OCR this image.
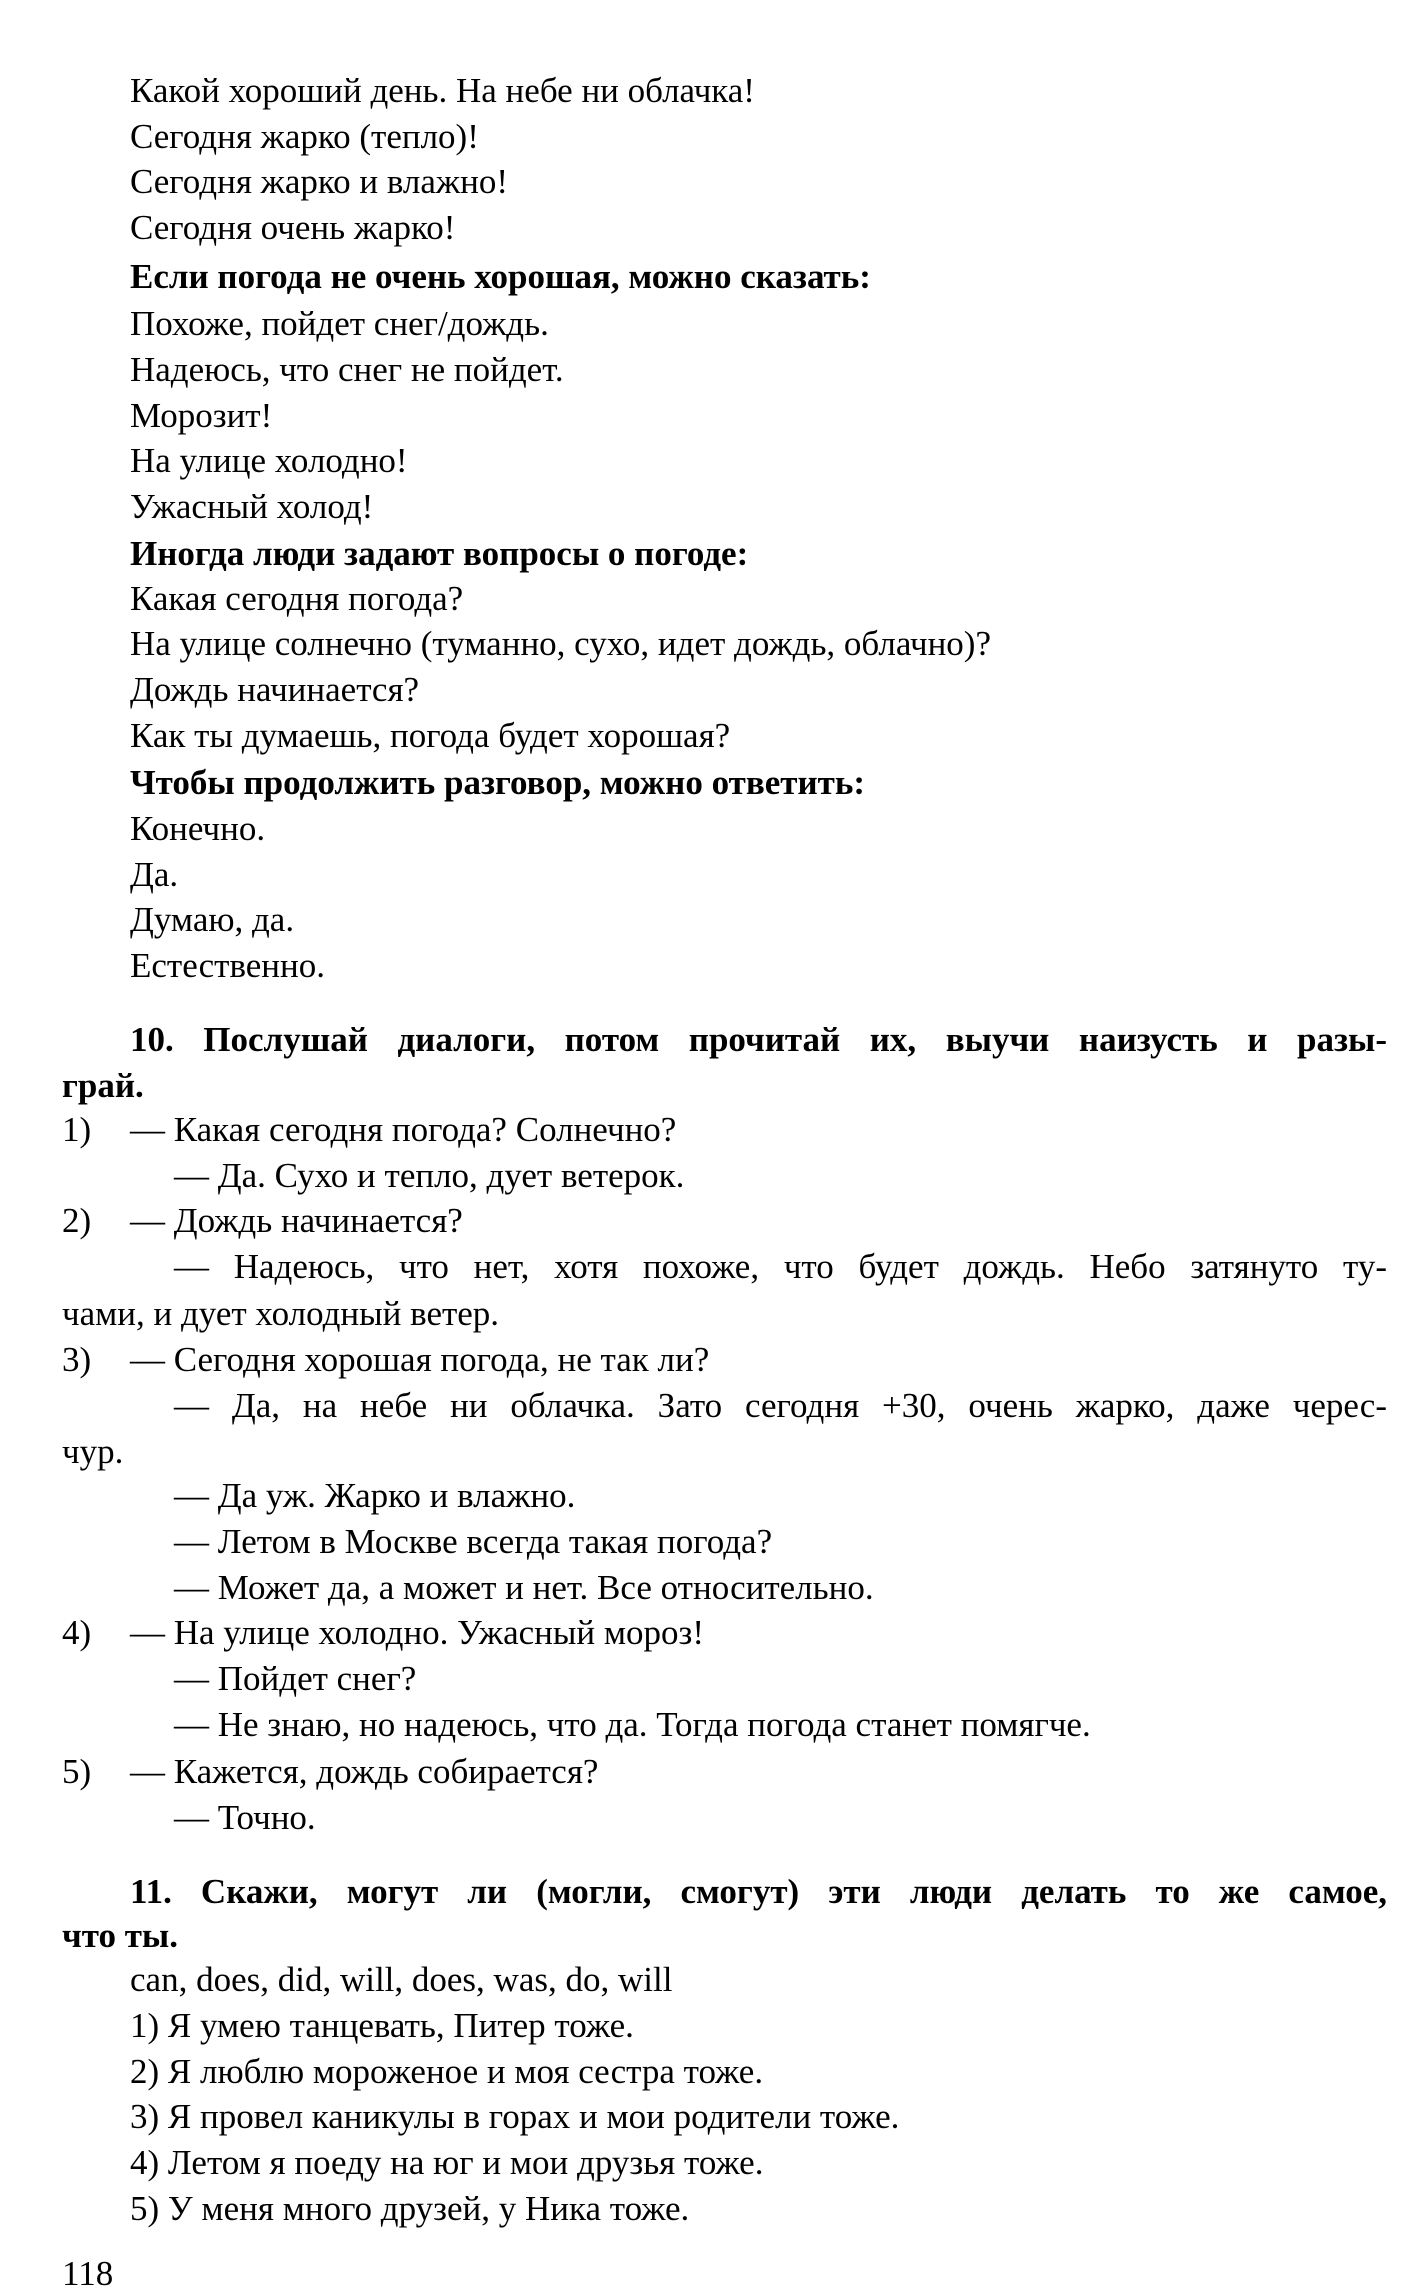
Какой хороший день. На небе ни облачка!
Сегодня жарко (тепло)!
Сегодня жарко и влажно!
Сегодня очень жарко!
Если погода не очень хорошая, можно сказать:
Похоже, пойдет снег/дождь.
Надеюсь, что снег не пойдет.
Морозит!
На улице холодно!
Ужасный холод!
Иногда люди задают вопросы о погоде:
Какая сегодня погода?
На улице солнечно (туманно, сухо, идет дождь, облачно)?
Дождь начинается?
Как ты думаешь, погода будет хорошая?
Чтобы продолжить разговор, можно ответить:
Конечно.
Да.
Думаю, да.
Естественно.
10. Послушай диалоги, потом прочитай их, выучи наизусть и разы-
грай.
1) — Какая сегодня погода? Солнечно?
— Да. Сухо и тепло, дует ветерок.
2) — Дождь начинается?
— Надеюсь, что нет, хотя похоже, что будет дождь. Небо затянуто ту-
чами, и дует холодный ветер.
3) — Сегодня хорошая погода, не так ли?
— Да, на небе ни облачка. Зато сегодня +30, очень жарко, даже черес-
чур.
— Да уж. Жарко и влажно.
— Летом в Москве всегда такая погода?
— Может да, а может и нет. Все относительно.
4) — На улице холодно. Ужасный мороз!
— Пойдет снег?
— Не знаю, но надеюсь, что да. Тогда погода станет помягче.
5) — Кажется, дождь собирается?
— Точно.
11. Скажи, могут ли (могли, смогут) эти люди делать то же самое,
что ты.
can, does, did, will, does, was, do, will
1) Я умею танцевать, Питер тоже.
2) Я люблю мороженое и моя сестра тоже.
3) Я провел каникулы в горах и мои родители тоже.
4) Летом я поеду на юг и мои друзья тоже.
5) У меня много друзей, у Ника тоже.
118
